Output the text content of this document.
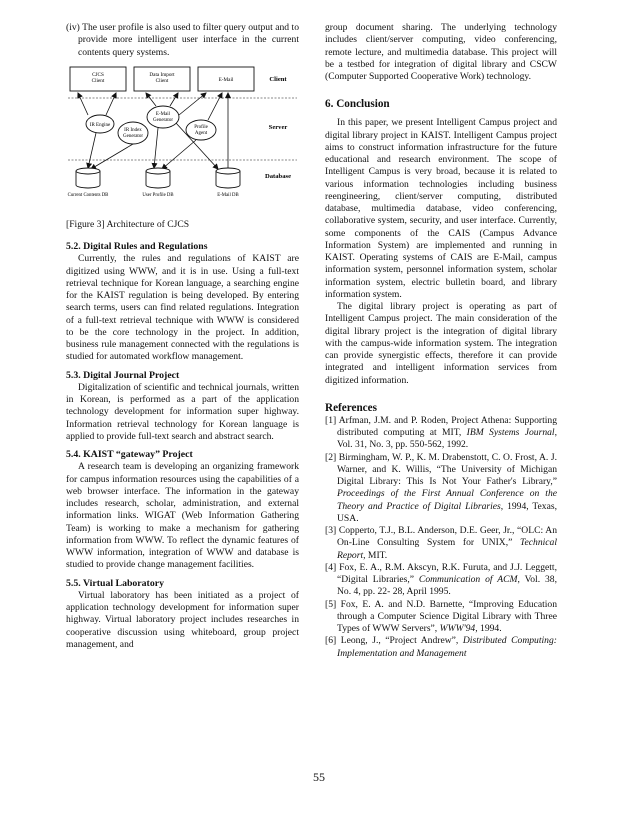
(iv) The user profile is also used to filter query output and to provide more intelligent user interface in the current contents query systems.

CJCS Client
Data Import Client	E-Mail	Client
IR Engine
E-Mail Generator
IR Index Generator
Profile Agent
Server
Database
Current Contents DB	User Profile DB	E-Mail DB

[Figure 3] Architecture of CJCS

5.2. Digital Rules and Regulations

Currently, the rules and regulations of KAIST are digitized using WWW, and it is in use. Using a full-text retrieval technique for Korean language, a searching engine for the KAIST regulation is being developed. By entering search terms, users can find related regulations. Integration of a full-text retrieval technique with WWW is considered to be the core technology in the project. In addition, business rule management connected with the regulations is studied for automated workflow management.

5.3. Digital Journal Project

Digitalization of scientific and technical journals, written in Korean, is performed as a part of the application technology development for information super highway. Information retrieval technology for Korean language is applied to provide full-text search and abstract search.

5.4. KAIST “gateway” Project

A research team is developing an organizing framework for campus information resources using the capabilities of a web browser interface. The information in the gateway includes research, scholar, administration, and external information links. WIGAT (Web Information Gathering Team) is working to make a mechanism for gathering information from WWW. To reflect the dynamic features of WWW information, integration of WWW and database is studied to provide change management facilities.

5.5. Virtual Laboratory

Virtual laboratory has been initiated as a project of application technology development for information super highway. Virtual laboratory project includes researches in cooperative discussion using whiteboard, group project management, and

group document sharing. The underlying technology includes client/server computing, video conferencing, remote lecture, and multimedia database. This project will be a testbed for integration of digital library and CSCW (Computer Supported Cooperative Work) technology.

6. Conclusion

In this paper, we present Intelligent Campus project and digital library project in KAIST. Intelligent Campus project aims to construct information infrastructure for the future educational and research environment. The scope of Intelligent Campus is very broad, because it is related to various information technologies including business reengineering, client/server computing, distributed database, multimedia database, video conferencing, collaborative system, security, and user interface. Currently, some components of the CAIS (Campus Advance Information System) are implemented and running in KAIST. Operating systems of CAIS are E-Mail, campus information system, personnel information system, scholar information system, electric bulletin board, and library information system.

The digital library project is operating as part of Intelligent Campus project. The main consideration of the digital library project is the integration of digital library with the campus-wide information system. The integration can provide synergistic effects, therefore it can provide integrated and intelligent information services from digitized information.

References

[1] Arfman, J.M. and P. Roden, Project Athena: Supporting distributed computing at MIT, IBM Systems Journal, Vol. 31, No. 3, pp. 550-562, 1992.

[2] Birmingham, W. P., K. M. Drabenstott, C. O. Frost, A. J. Warner, and K. Willis, “The University of Michigan Digital Library: This Is Not Your Father's Library,” Proceedings of the First Annual Conference on the Theory and Practice of Digital Libraries, 1994, Texas, USA.

[3] Copperto, T.J., B.L. Anderson, D.E. Geer, Jr., “OLC: An On-Line Consulting System for UNIX,” Technical Report, MIT.

[4] Fox, E. A., R.M. Akscyn, R.K. Furuta, and J.J. Leggett, “Digital Libraries,” Communication of ACM, Vol. 38, No. 4, pp. 22- 28, April 1995.

[5] Fox, E. A. and N.D. Barnette, “Improving Education through a Computer Science Digital Library with Three Types of WWW Servers”, WWW'94, 1994.

[6] Leong, J., “Project Andrew”, Distributed Computing: Implementation and Management

55
